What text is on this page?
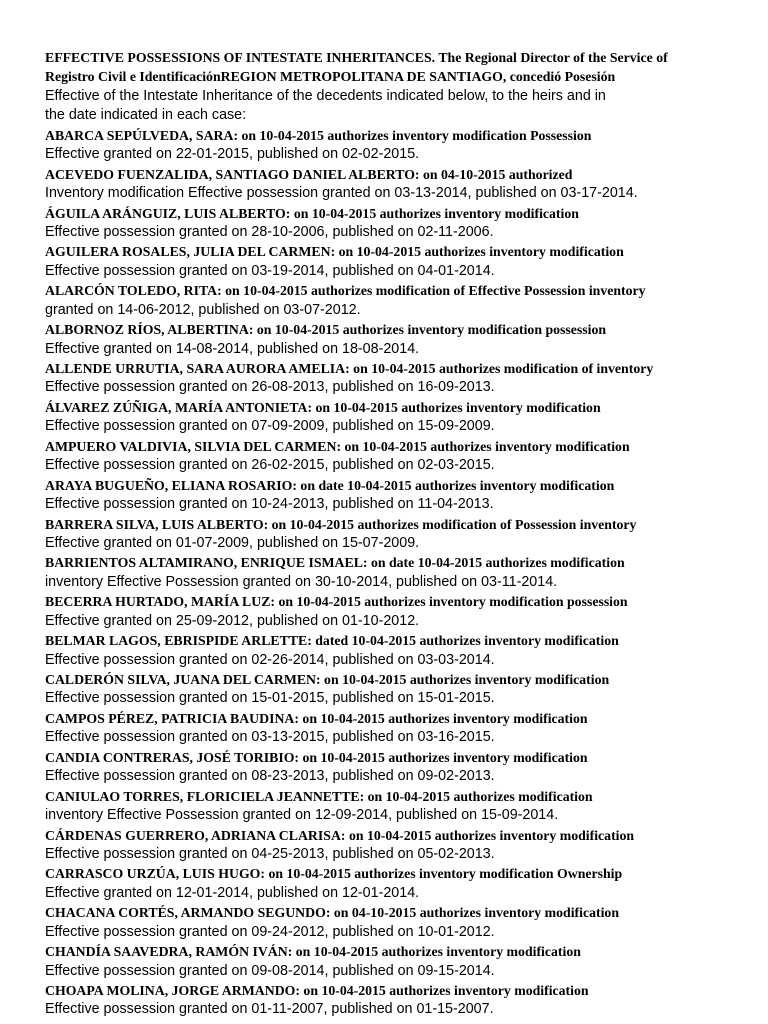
EFFECTIVE POSSESSIONS OF INTESTATE INHERITANCES. The Regional Director of the Service of
Registro Civil e IdentificaciónREGION METROPOLITANA DE SANTIAGO, concedió Posesión
Effective of the Intestate Inheritance of the decedents indicated below, to the heirs and in
the date indicated in each case:
ABARCA SEPÚLVEDA, SARA: on 10-04-2015 authorizes inventory modification Possession
Effective granted on 22-01-2015, published on 02-02-2015.
ACEVEDO FUENZALIDA, SANTIAGO DANIEL ALBERTO: on 04-10-2015 authorized
Inventory modification Effective possession granted on 03-13-2014, published on 03-17-2014.
ÁGUILA ARÁNGUIZ, LUIS ALBERTO: on 10-04-2015 authorizes inventory modification
Effective possession granted on 28-10-2006, published on 02-11-2006.
AGUILERA ROSALES, JULIA DEL CARMEN: on 10-04-2015 authorizes inventory modification
Effective possession granted on 03-19-2014, published on 04-01-2014.
ALARCÓN TOLEDO, RITA: on 10-04-2015 authorizes modification of Effective Possession inventory
granted on 14-06-2012, published on 03-07-2012.
ALBORNOZ RÍOS, ALBERTINA: on 10-04-2015 authorizes inventory modification possession
Effective granted on 14-08-2014, published on 18-08-2014.
ALLENDE URRUTIA, SARA AURORA AMELIA: on 10-04-2015 authorizes modification of inventory
Effective possession granted on 26-08-2013, published on 16-09-2013.
ÁLVAREZ ZÚÑIGA, MARÍA ANTONIETA: on 10-04-2015 authorizes inventory modification
Effective possession granted on 07-09-2009, published on 15-09-2009.
AMPUERO VALDIVIA, SILVIA DEL CARMEN: on 10-04-2015 authorizes inventory modification
Effective possession granted on 26-02-2015, published on 02-03-2015.
ARAYA BUGUEÑO, ELIANA ROSARIO: on date 10-04-2015 authorizes inventory modification
Effective possession granted on 10-24-2013, published on 11-04-2013.
BARRERA SILVA, LUIS ALBERTO: on 10-04-2015 authorizes modification of Possession inventory
Effective granted on 01-07-2009, published on 15-07-2009.
BARRIENTOS ALTAMIRANO, ENRIQUE ISMAEL: on date 10-04-2015 authorizes modification
inventory Effective Possession granted on 30-10-2014, published on 03-11-2014.
BECERRA HURTADO, MARÍA LUZ: on 10-04-2015 authorizes inventory modification possession
Effective granted on 25-09-2012, published on 01-10-2012.
BELMAR LAGOS, EBRISPIDE ARLETTE: dated 10-04-2015 authorizes inventory modification
Effective possession granted on 02-26-2014, published on 03-03-2014.
CALDERÓN SILVA, JUANA DEL CARMEN: on 10-04-2015 authorizes inventory modification
Effective possession granted on 15-01-2015, published on 15-01-2015.
CAMPOS PÉREZ, PATRICIA BAUDINA: on 10-04-2015 authorizes inventory modification
Effective possession granted on 03-13-2015, published on 03-16-2015.
CANDIA CONTRERAS, JOSÉ TORIBIO: on 10-04-2015 authorizes inventory modification
Effective possession granted on 08-23-2013, published on 09-02-2013.
CANIULAO TORRES, FLORICIELA JEANNETTE: on 10-04-2015 authorizes modification
inventory Effective Possession granted on 12-09-2014, published on 15-09-2014.
CÁRDENAS GUERRERO, ADRIANA CLARISA: on 10-04-2015 authorizes inventory modification
Effective possession granted on 04-25-2013, published on 05-02-2013.
CARRASCO URZÚA, LUIS HUGO: on 10-04-2015 authorizes inventory modification Ownership
Effective granted on 12-01-2014, published on 12-01-2014.
CHACANA CORTÉS, ARMANDO SEGUNDO: on 04-10-2015 authorizes inventory modification
Effective possession granted on 09-24-2012, published on 10-01-2012.
CHANDÍA SAAVEDRA, RAMÓN IVÁN: on 10-04-2015 authorizes inventory modification
Effective possession granted on 09-08-2014, published on 09-15-2014.
CHOAPA MOLINA, JORGE ARMANDO: on 10-04-2015 authorizes inventory modification
Effective possession granted on 01-11-2007, published on 01-15-2007.
